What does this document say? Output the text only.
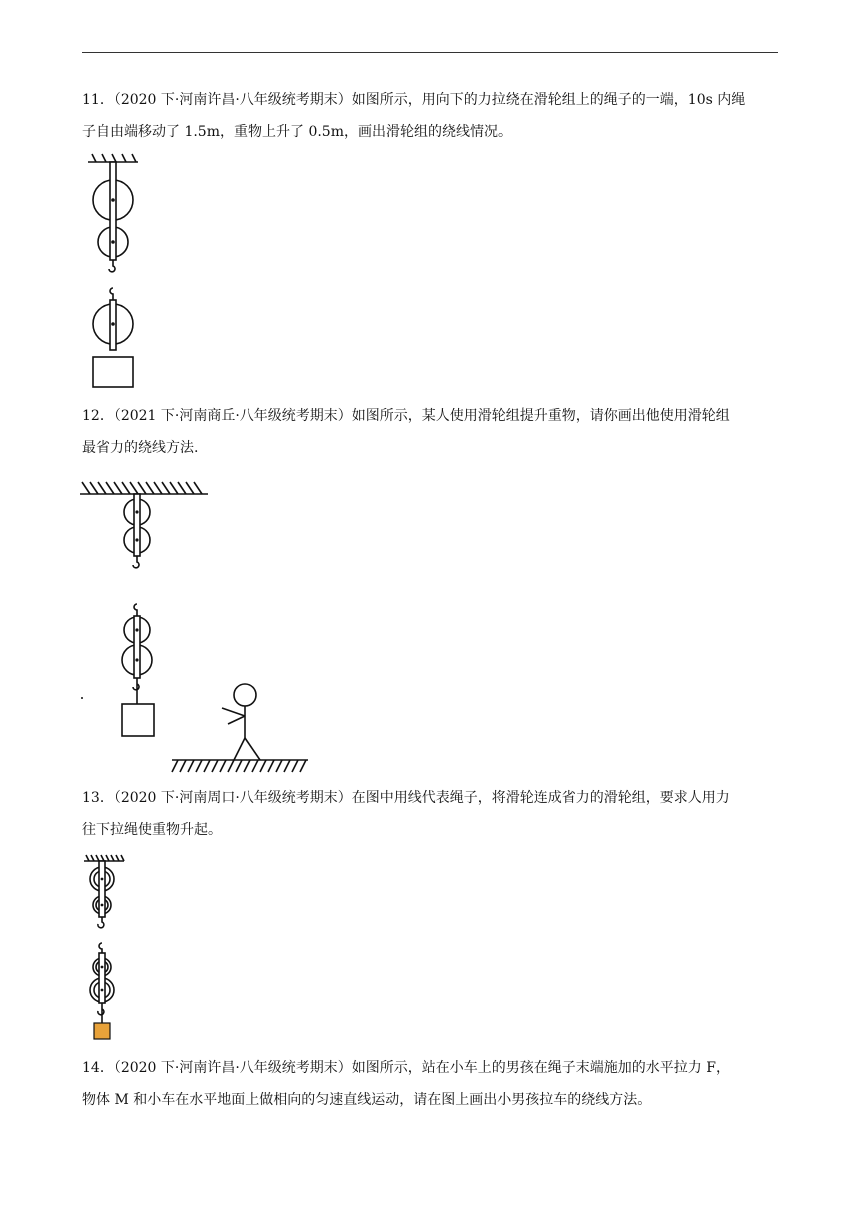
11．（2020 下·河南许昌·八年级统考期末）如图所示，用向下的力拉绕在滑轮组上的绳子的一端，10s 内绳

子自由端移动了 1.5m，重物上升了 0.5m，画出滑轮组的绕线情况。

12．（2021 下·河南商丘·八年级统考期末）如图所示，某人使用滑轮组提升重物，请你画出他使用滑轮组

最省力的绕线方法.

13．（2020 下·河南周口·八年级统考期末）在图中用线代表绳子，将滑轮连成省力的滑轮组，要求人用力

往下拉绳使重物升起。

14．（2020 下·河南许昌·八年级统考期末）如图所示，站在小车上的男孩在绳子末端施加的水平拉力 F，

物体 M 和小车在水平地面上做相向的匀速直线运动，请在图上画出小男孩拉车的绕线方法。
